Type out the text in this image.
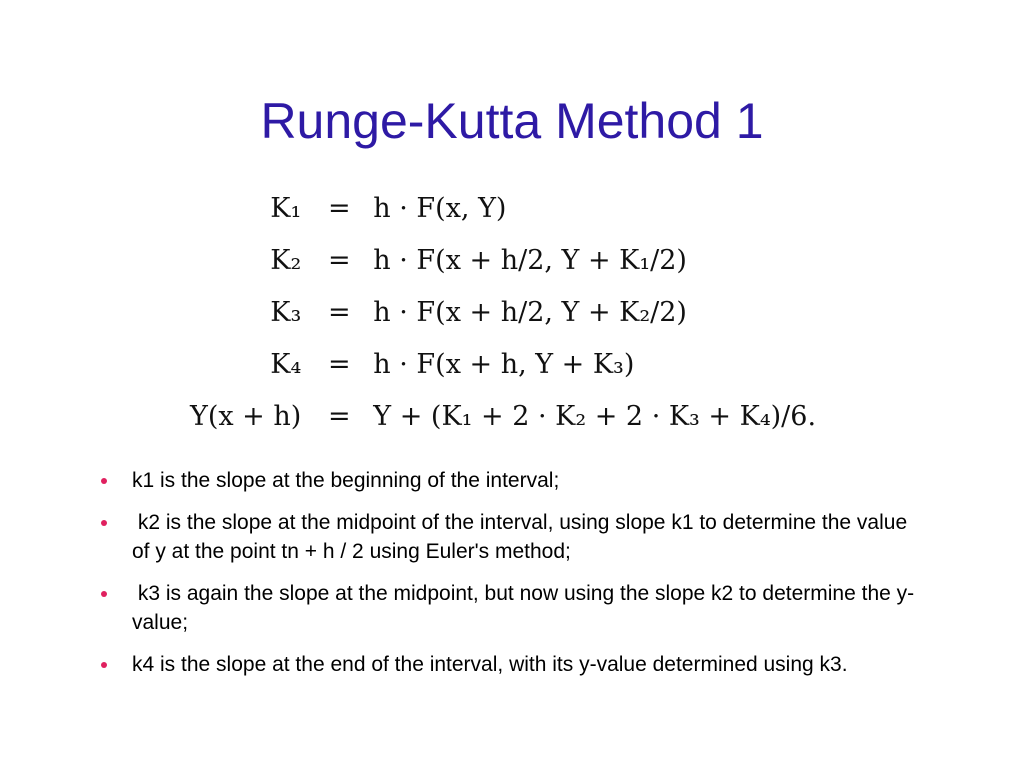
Runge-Kutta Method 1
K₁	=	h · F(x, Y)
K₂	=	h · F(x + h/2, Y + K₁/2)
K₃	=	h · F(x + h/2, Y + K₂/2)
K₄	=	h · F(x + h, Y + K₃)
Y(x + h)	=	Y + (K₁ + 2 · K₂ + 2 · K₃ + K₄)/6.
k1 is the slope at the beginning of the interval;
k2 is the slope at the midpoint of the interval, using slope k1 to determine the value of y at the point tn + h / 2 using Euler's method;
k3 is again the slope at the midpoint, but now using the slope k2 to determine the y-value;
k4 is the slope at the end of the interval, with its y-value determined using k3.
